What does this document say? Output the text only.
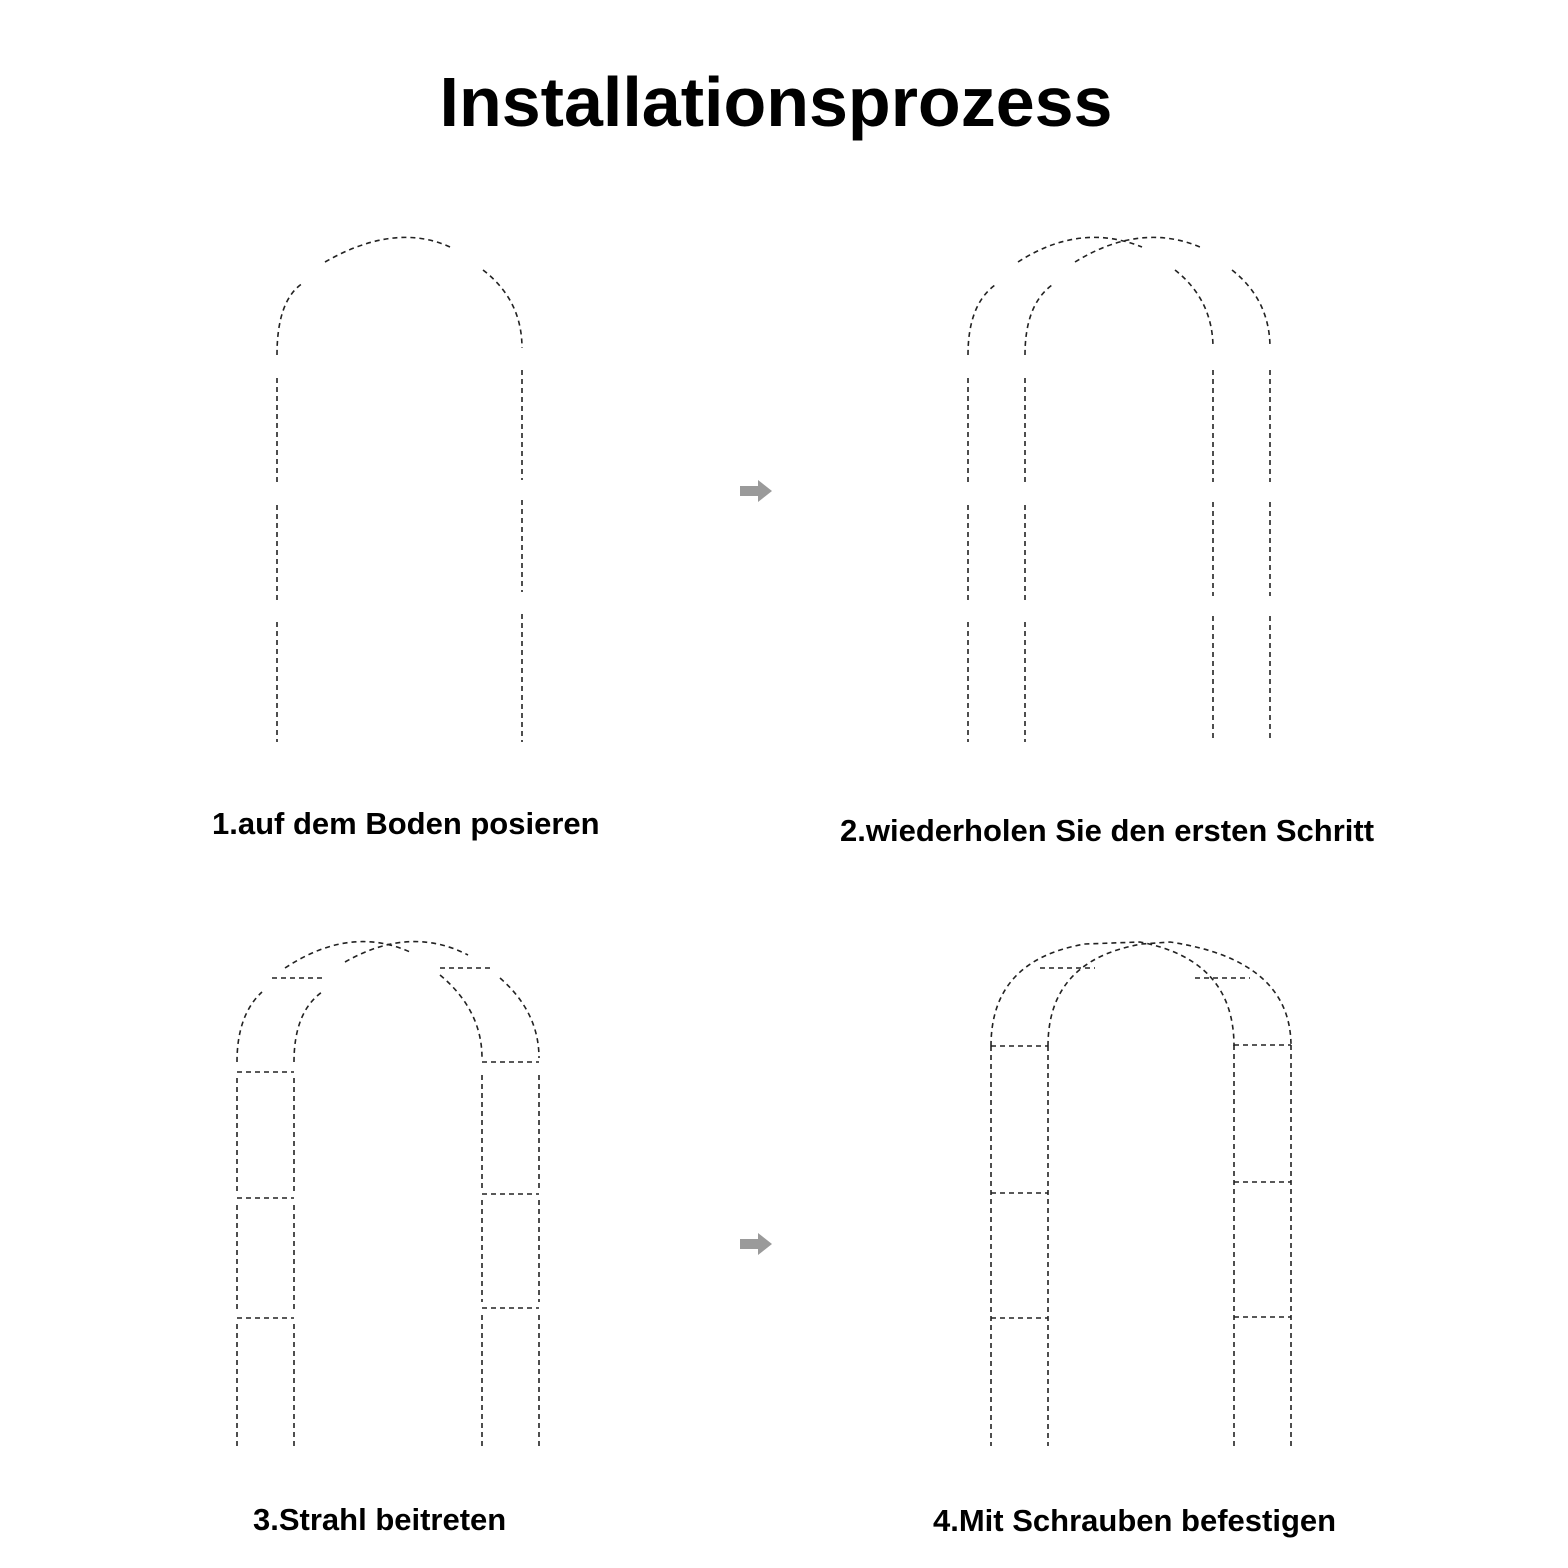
Installationsprozess

1.auf dem Boden posieren	2.wiederholen Sie den ersten Schritt

3.Strahl beitreten	4.Mit Schrauben befestigen
